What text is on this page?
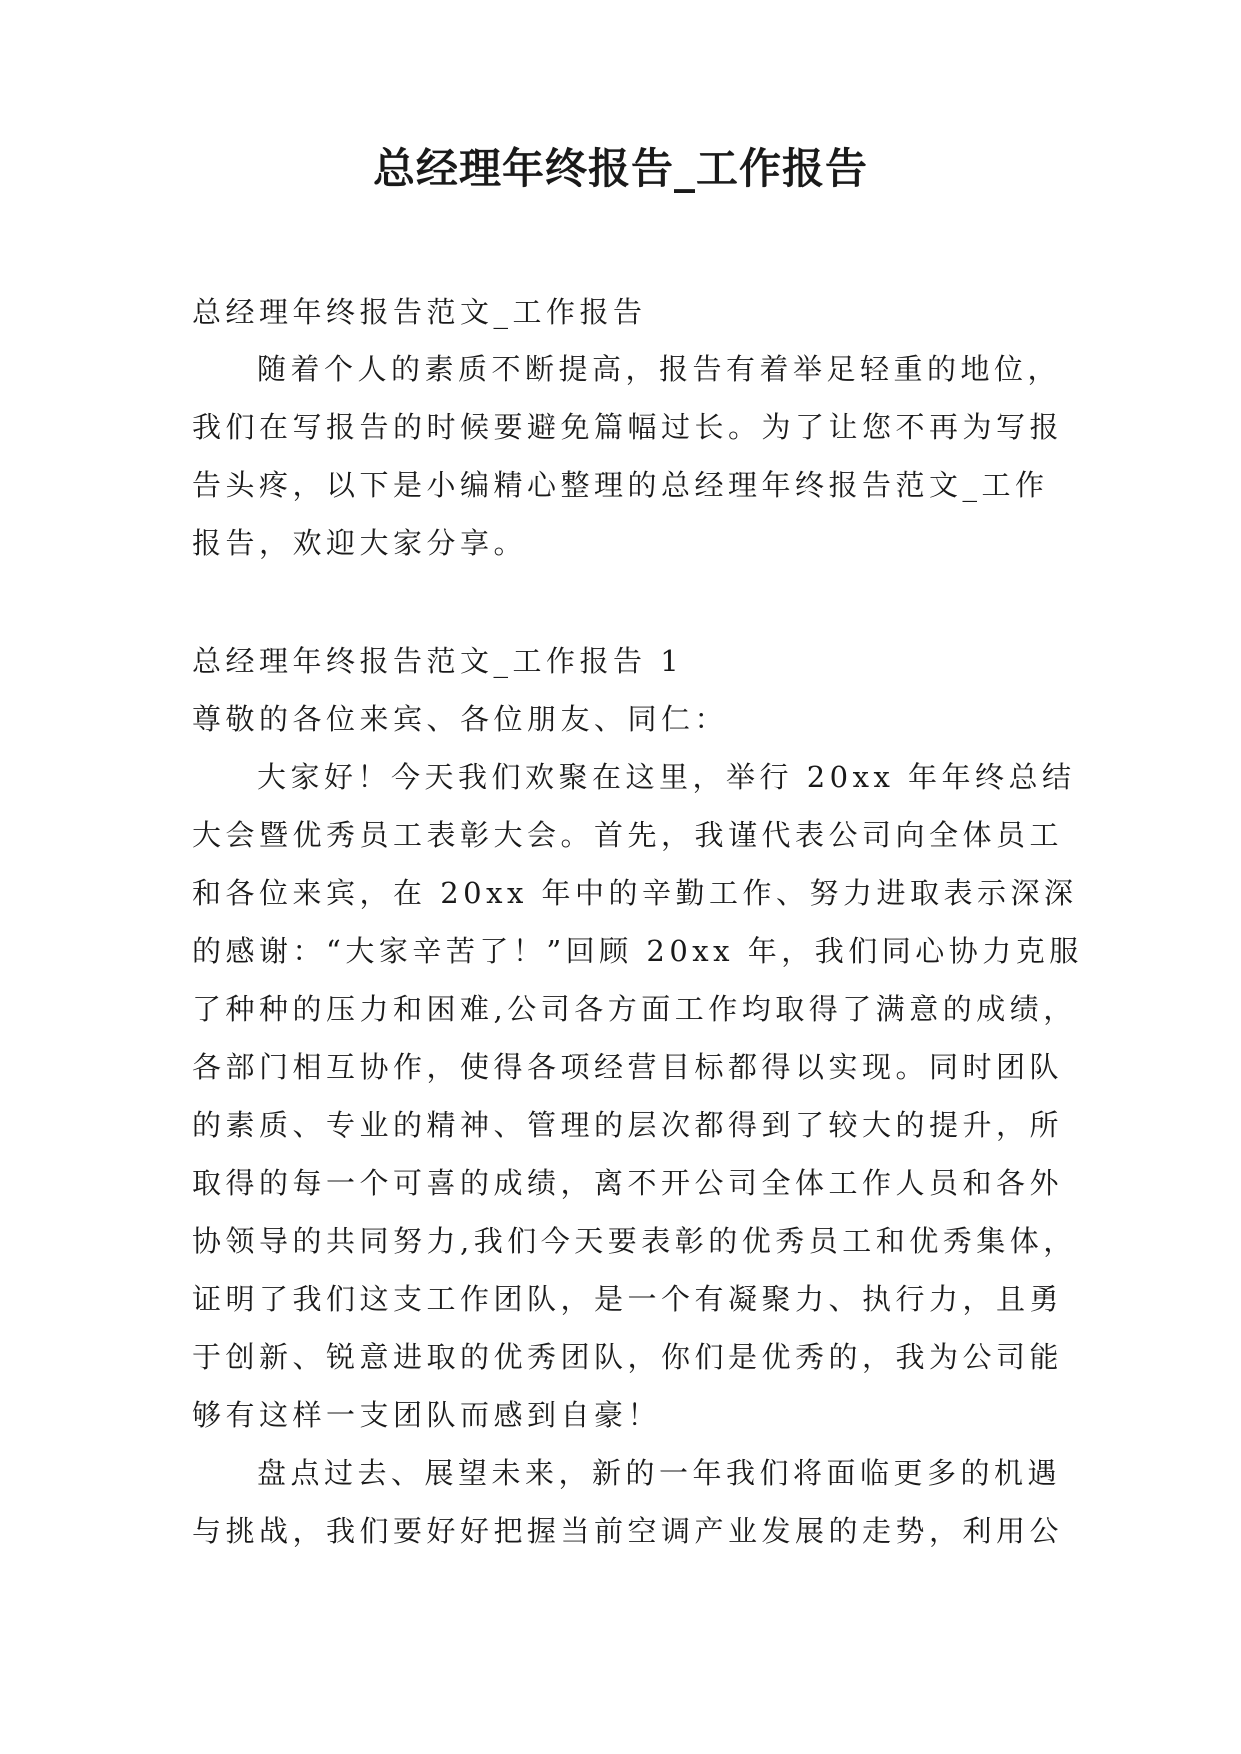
总经理年终报告_工作报告

总经理年终报告范文_工作报告

随着个人的素质不断提高，报告有着举足轻重的地位，

我们在写报告的时候要避免篇幅过长。为了让您不再为写报

告头疼，以下是小编精心整理的总经理年终报告范文_工作

报告，欢迎大家分享。

总经理年终报告范文_工作报告 1

尊敬的各位来宾、各位朋友、同仁：

大家好！今天我们欢聚在这里，举行 20xx 年年终总结

大会暨优秀员工表彰大会。首先，我谨代表公司向全体员工

和各位来宾，在 20xx 年中的辛勤工作、努力进取表示深深

的感谢：“大家辛苦了！”回顾 20xx 年，我们同心协力克服

了种种的压力和困难,公司各方面工作均取得了满意的成绩，

各部门相互协作，使得各项经营目标都得以实现。同时团队

的素质、专业的精神、管理的层次都得到了较大的提升，所

取得的每一个可喜的成绩，离不开公司全体工作人员和各外

协领导的共同努力,我们今天要表彰的优秀员工和优秀集体，

证明了我们这支工作团队，是一个有凝聚力、执行力，且勇

于创新、锐意进取的优秀团队，你们是优秀的，我为公司能

够有这样一支团队而感到自豪！

盘点过去、展望未来，新的一年我们将面临更多的机遇

与挑战，我们要好好把握当前空调产业发展的走势，利用公
